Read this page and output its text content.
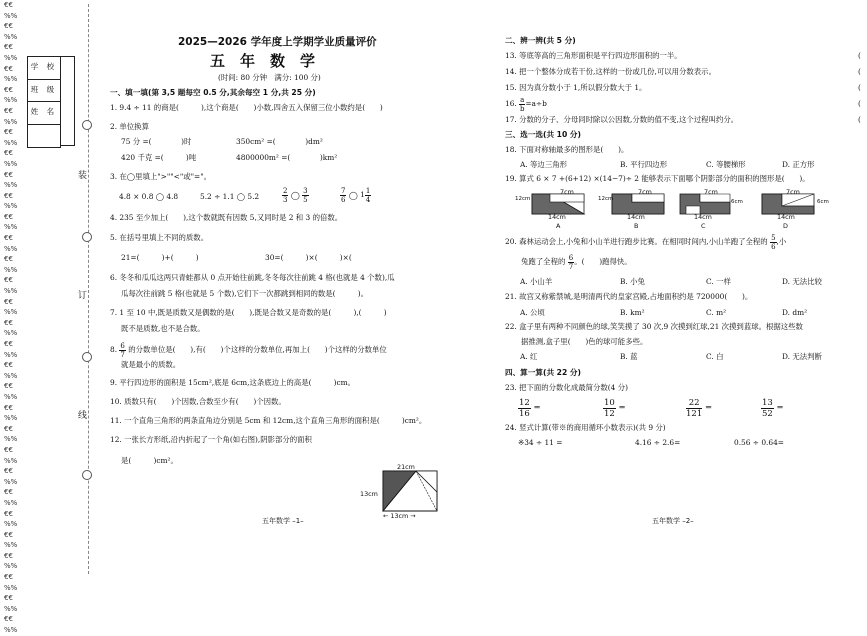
€€
%%
€€
%%
€€
%%
€€
%%
€€
%%
€€
%%
€€
%%
€€
%%
€€
%%
€€
%%
€€
%%
€€
%%
€€
%%
€€
%%
€€
%%
€€
%%
€€
%%
€€
%%
€€
%%
€€
%%
€€
%%
€€
%%
€€
%%
€€
%%
€€
%%
€€
%%
€€
%%
€€
%%
€€
%%
€€
%%
学 校
班 级
姓 名
装
订
线
2025—2026 学年度上学期学业质量评价
五　年　数　学
(时间: 80 分钟　满分: 100 分)
一、填一填(第 3,5 题每空 0.5 分,其余每空 1 分,共 25 分)
1. 9.4 ÷ 11 的商是(　　　),这个商是(　　)小数,四舍五入保留三位小数约是(　　)
2. 单位换算
75 分 =(　　　　)时	350cm² =(　　　　)dm²
420 千克 =(　　　)吨	4800000m² =(　　　　)km²
3. 在◯里填上">""<"或"="。
4.8 × 0.8 ◯ 4.8	5.2 ÷ 1.1 ◯ 5.2	$\frac{2}{3}$ ◯ $\frac{3}{5}$	$\frac{7}{6}$ ◯ $1 \frac{1}{4}$
4. 235 至少加上(　　),这个数就既有因数 5,又同时是 2 和 3 的倍数。
5. 在括号里填上不同的质数。
21=(　　　)+(　　　)	30=(　　　)×(　　　)×(　　
6. 冬冬和瓜瓜这两只青蛙都从 0 点开始往前跳,冬冬每次往前跳 4 格(也就是 4 个数),瓜
瓜每次往前跳 5 格(也就是 5 个数),它们下一次都跳到相同的数是(　　　)。
7. 1 至 10 中,既是质数又是偶数的是(　　),既是合数又是奇数的是(　　　),(　　　)
既不是质数,也不是合数。
8. $\frac{6}{7}$ 的分数单位是(　　),有(　　)个这样的分数单位,再加上(　　)个这样的分数单位
就是最小的质数。
9. 平行四边形的面积是 15cm²,底是 6cm,这条底边上的高是(　　　)cm。
10. 质数只有(　　)个因数,合数至少有(　　)个因数。
11. 一个直角三角形的两条直角边分别是 5cm 和 12cm,这个直角三角形的面积是(　　　)cm²。
12. 一张长方形纸,沿内折起了一个角(如右图),阴影部分的面积
是(　　　)cm²。
21cm
13cm
← 13cm →
五年数学 –1–
二、辨一辨(共 5 分)
13. 等底等高的三角形面积是平行四边形面积的一半。	(
14. 把一个整体分成若干份,这样的一份或几份,可以用分数表示。	(
15. 因为真分数小于 1,所以假分数大于 1。	(
16. $\frac{a}{b} =a\div b$	(
17. 分数的分子、分母同时除以公因数,分数的值不变,这个过程叫约分。	(
三、选一选(共 10 分)
18. 下面对称轴最多的图形是(　　)。
A. 等边三角形	B. 平行四边形	C. 等腰梯形	D. 正方形
19. 算式 6 × 7 +(6+12) ×(14−7)÷ 2 能够表示下面哪个阴影部分的面积的图形是(　　)。
7cm
12cm
14cm
A
7cm
12cm
14cm
B
7cm
6cm
14cm
C
7cm
6cm
14cm
D
20. 森林运动会上,小兔和小山羊进行跑步比赛。在相同时间内,小山羊跑了全程的 $\frac{5}{6}$ ,小
兔跑了全程的 $\frac{6}{7}$ 。(　　)跑得快。
A. 小山羊	B. 小兔	C. 一样	D. 无法比较
21. 故宫又称紫禁城,是明清两代的皇家宫殿,占地面积约是 720000(　　)。
A. 公顷	B. km²	C. m²	D. dm²
22. 盒子里有两种不同颜色的球,笑笑摸了 30 次,9 次摸到红球,21 次摸到蓝球。根据这些数
据推测,盒子里(　　)色的球可能多些。
A. 红	B. 蓝	C. 白	D. 无法判断
四、算一算(共 22 分)
23. 把下面的分数化成最简分数(4 分)
$\frac{12}{16}$ =	$\frac{10}{12}$ =	$\frac{22}{121}$ =	$\frac{13}{52}$ =
24. 竖式计算(带※的商用循环小数表示)(共 9 分)
※34 ÷ 11 =	4.16 ÷ 2.6=	0.56 ÷ 0.64=
五年数学 –2–
